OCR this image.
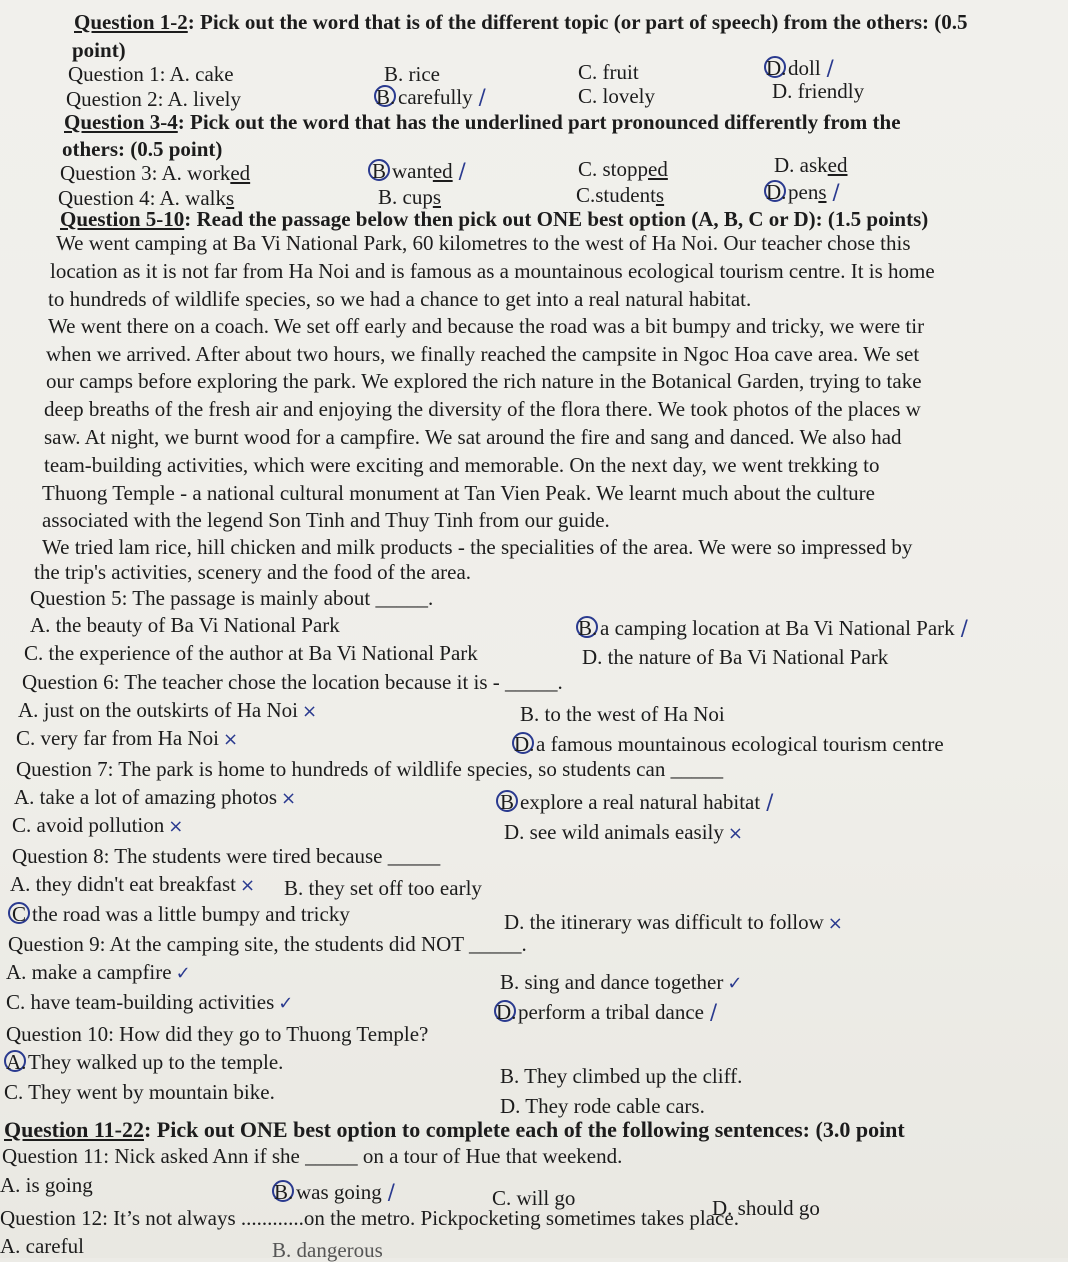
Question 1-2: Pick out the word that is of the different topic (or part of speech) from the others: (0.5
point)
Question 1: A. cake	B. rice	C. fruit	D.doll /
Question 2: A. lively	B. carefully /	C. lovely	D. friendly
Question 3-4: Pick out the word that has the underlined part pronounced differently from the
others: (0.5 point)
Question 3: A. worked	B wanted /	C. stopped	D. asked
Question 4: A. walks	B. cups	C.students	D.pens /
Question 5-10: Read the passage below then pick out ONE best option (A, B, C or D): (1.5 points)
We went camping at Ba Vi National Park, 60 kilometres to the west of Ha Noi. Our teacher chose this
location as it is not far from Ha Noi and is famous as a mountainous ecological tourism centre. It is home
to hundreds of wildlife species, so we had a chance to get into a real natural habitat.
We went there on a coach. We set off early and because the road was a bit bumpy and tricky, we were tir
when we arrived. After about two hours, we finally reached the campsite in Ngoc Hoa cave area. We set
our camps before exploring the park. We explored the rich nature in the Botanical Garden, trying to take
deep breaths of the fresh air and enjoying the diversity of the flora there. We took photos of the places w
saw. At night, we burnt wood for a campfire. We sat around the fire and sang and danced. We also had
team-building activities, which were exciting and memorable. On the next day, we went trekking to
Thuong Temple - a national cultural monument at Tan Vien Peak. We learnt much about the culture
associated with the legend Son Tinh and Thuy Tinh from our guide.
We tried lam rice, hill chicken and milk products - the specialities of the area. We were so impressed by
the trip's activities, scenery and the food of the area.
Question 5: The passage is mainly about _____.
A. the beauty of Ba Vi National Park	B. a camping location at Ba Vi National Park /
C. the experience of the author at Ba Vi National Park	D. the nature of Ba Vi National Park
Question 6: The teacher chose the location because it is - _____.
A. just on the outskirts of Ha Noi ×	B. to the west of Ha Noi
C. very far from Ha Noi ×	D.a famous mountainous ecological tourism centre
Question 7: The park is home to hundreds of wildlife species, so students can _____
A. take a lot of amazing photos ×	B explore a real natural habitat /
C. avoid pollution ×	D. see wild animals easily ×
Question 8: The students were tired because _____
A. they didn't eat breakfast × B. they set off too early
C the road was a little bumpy and tricky	D. the itinerary was difficult to follow ×
Question 9: At the camping site, the students did NOT _____.
A. make a campfire ✓	B. sing and dance together ✓
C. have team-building activities ✓	D.perform a tribal dance /
Question 10: How did they go to Thuong Temple?
A.They walked up to the temple.
B. They climbed up the cliff.
C. They went by mountain bike.
D. They rode cable cars.
Question 11-22: Pick out ONE best option to complete each of the following sentences: (3.0 point
Question 11: Nick asked Ann if she _____ on a tour of Hue that weekend.
A. is going	B. was going /	C. will go	D. should go
Question 12: It’s not always ............on the metro. Pickpocketing sometimes takes place.
A. careful	B. dangerous
